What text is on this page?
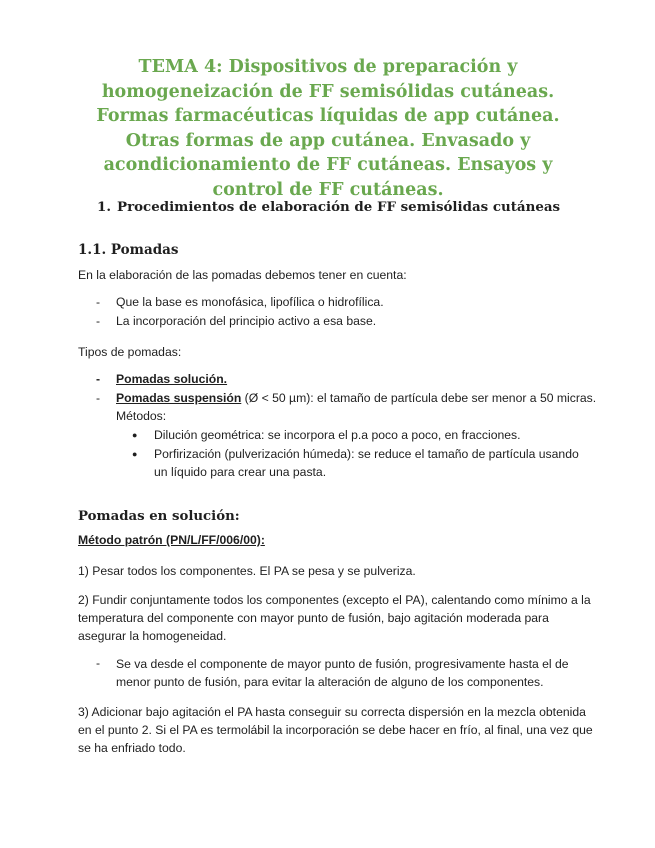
TEMA 4: Dispositivos de preparación y homogeneización de FF semisólidas cutáneas. Formas farmacéuticas líquidas de app cutánea. Otras formas de app cutánea. Envasado y acondicionamiento de FF cutáneas. Ensayos y control de FF cutáneas.
1. Procedimientos de elaboración de FF semisólidas cutáneas
1.1. Pomadas
En la elaboración de las pomadas debemos tener en cuenta:
- Que la base es monofásica, lipofílica o hidrofílica.
- La incorporación del principio activo a esa base.
Tipos de pomadas:
- Pomadas solución.
- Pomadas suspensión (Ø < 50 µm): el tamaño de partícula debe ser menor a 50 micras.
Métodos:
● Dilución geométrica: se incorpora el p.a poco a poco, en fracciones.
● Porfirización (pulverización húmeda): se reduce el tamaño de partícula usando
un líquido para crear una pasta.
Pomadas en solución:
Método patrón (PN/L/FF/006/00):
1) Pesar todos los componentes. El PA se pesa y se pulveriza.
2) Fundir conjuntamente todos los componentes (excepto el PA), calentando como mínimo a la
temperatura del componente con mayor punto de fusión, bajo agitación moderada para
asegurar la homogeneidad.
- Se va desde el componente de mayor punto de fusión, progresivamente hasta el de
menor punto de fusión, para evitar la alteración de alguno de los componentes.
3) Adicionar bajo agitación el PA hasta conseguir su correcta dispersión en la mezcla obtenida
en el punto 2. Si el PA es termolábil la incorporación se debe hacer en frío, al final, una vez que
se ha enfriado todo.
